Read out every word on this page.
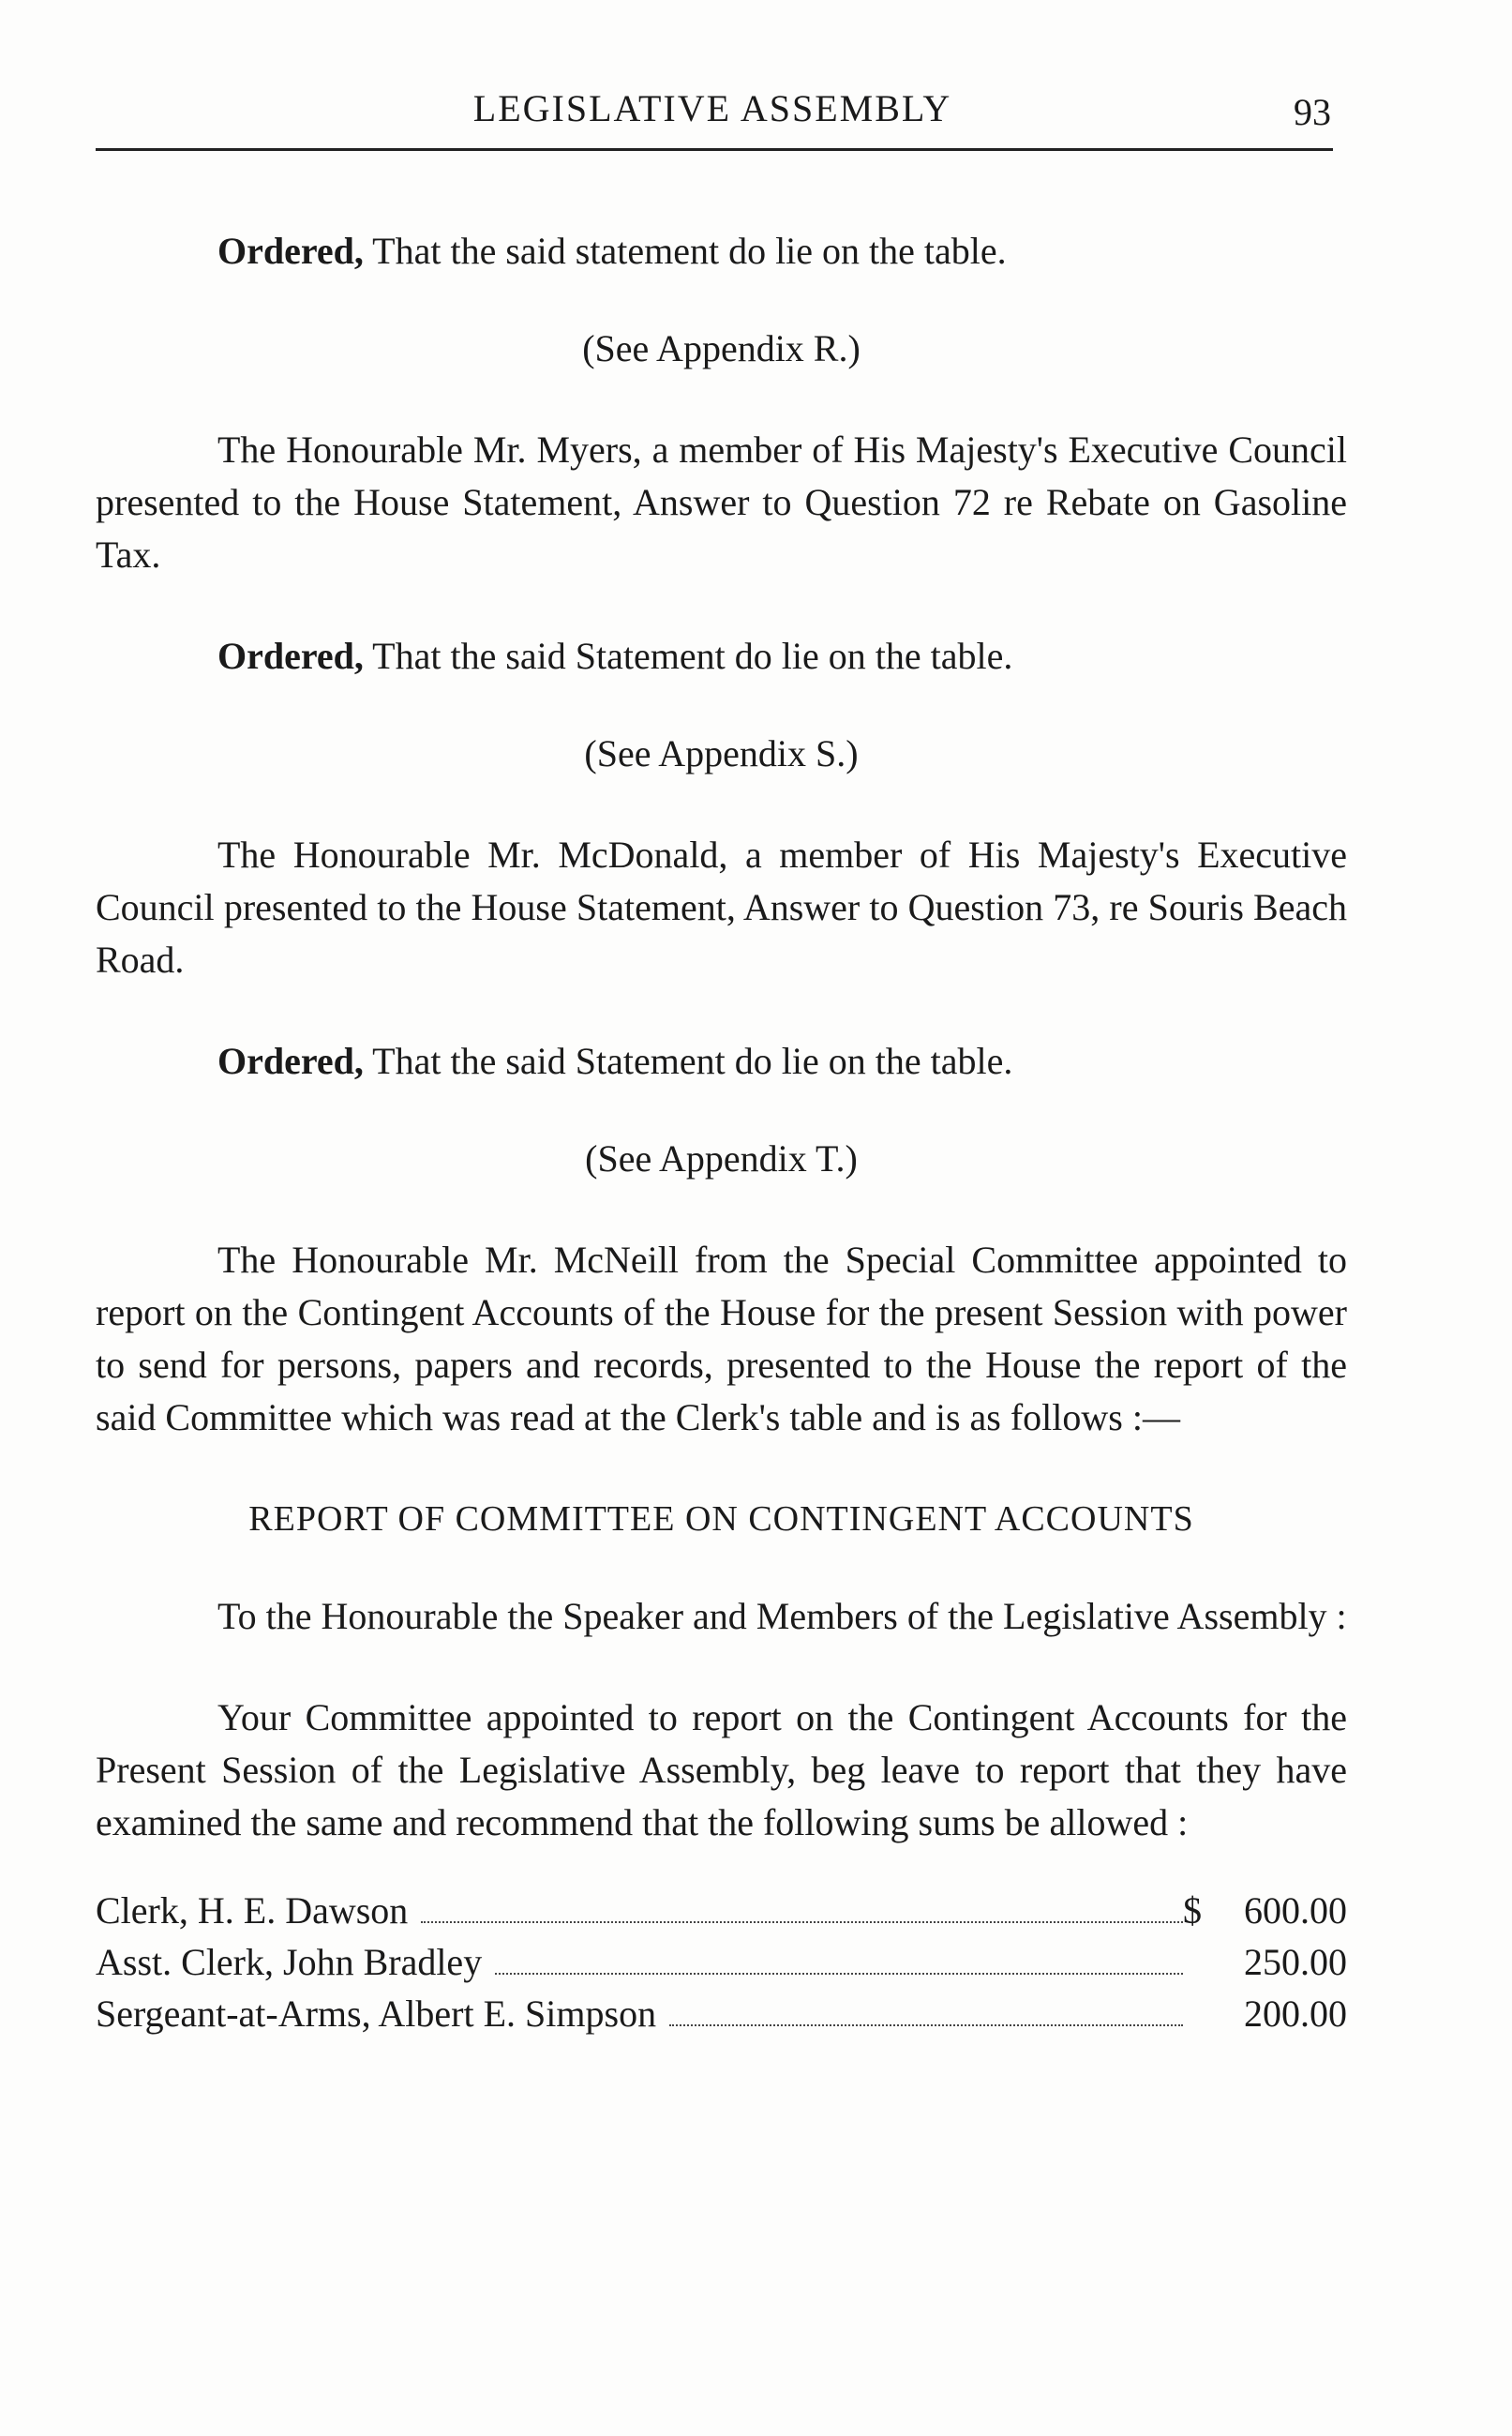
LEGISLATIVE ASSEMBLY	93

Ordered, That the said statement do lie on the table.

(See Appendix R.)

The Honourable Mr. Myers, a member of His Majesty's Executive Council presented to the House Statement, Answer to Question 72 re Rebate on Gasoline Tax.

Ordered, That the said Statement do lie on the table.

(See Appendix S.)

The Honourable Mr. McDonald, a member of His Majesty's Executive Council presented to the House Statement, Answer to Question 73, re Souris Beach Road.

Ordered, That the said Statement do lie on the table.

(See Appendix T.)

The Honourable Mr. McNeill from the Special Committee appointed to report on the Contingent Accounts of the House for the present Session with power to send for persons, papers and records, presented to the House the report of the said Committee which was read at the Clerk's table and is as follows :—

REPORT OF COMMITTEE ON CONTINGENT ACCOUNTS

To the Honourable the Speaker and Members of the Legislative Assembly :

Your Committee appointed to report on the Contingent Accounts for the Present Session of the Legislative Assembly, beg leave to report that they have examined the same and recommend that the following sums be allowed :

Clerk, H. E. Dawson	$ 600.00
Asst. Clerk, John Bradley	250.00
Sergeant-at-Arms, Albert E. Simpson	200.00
